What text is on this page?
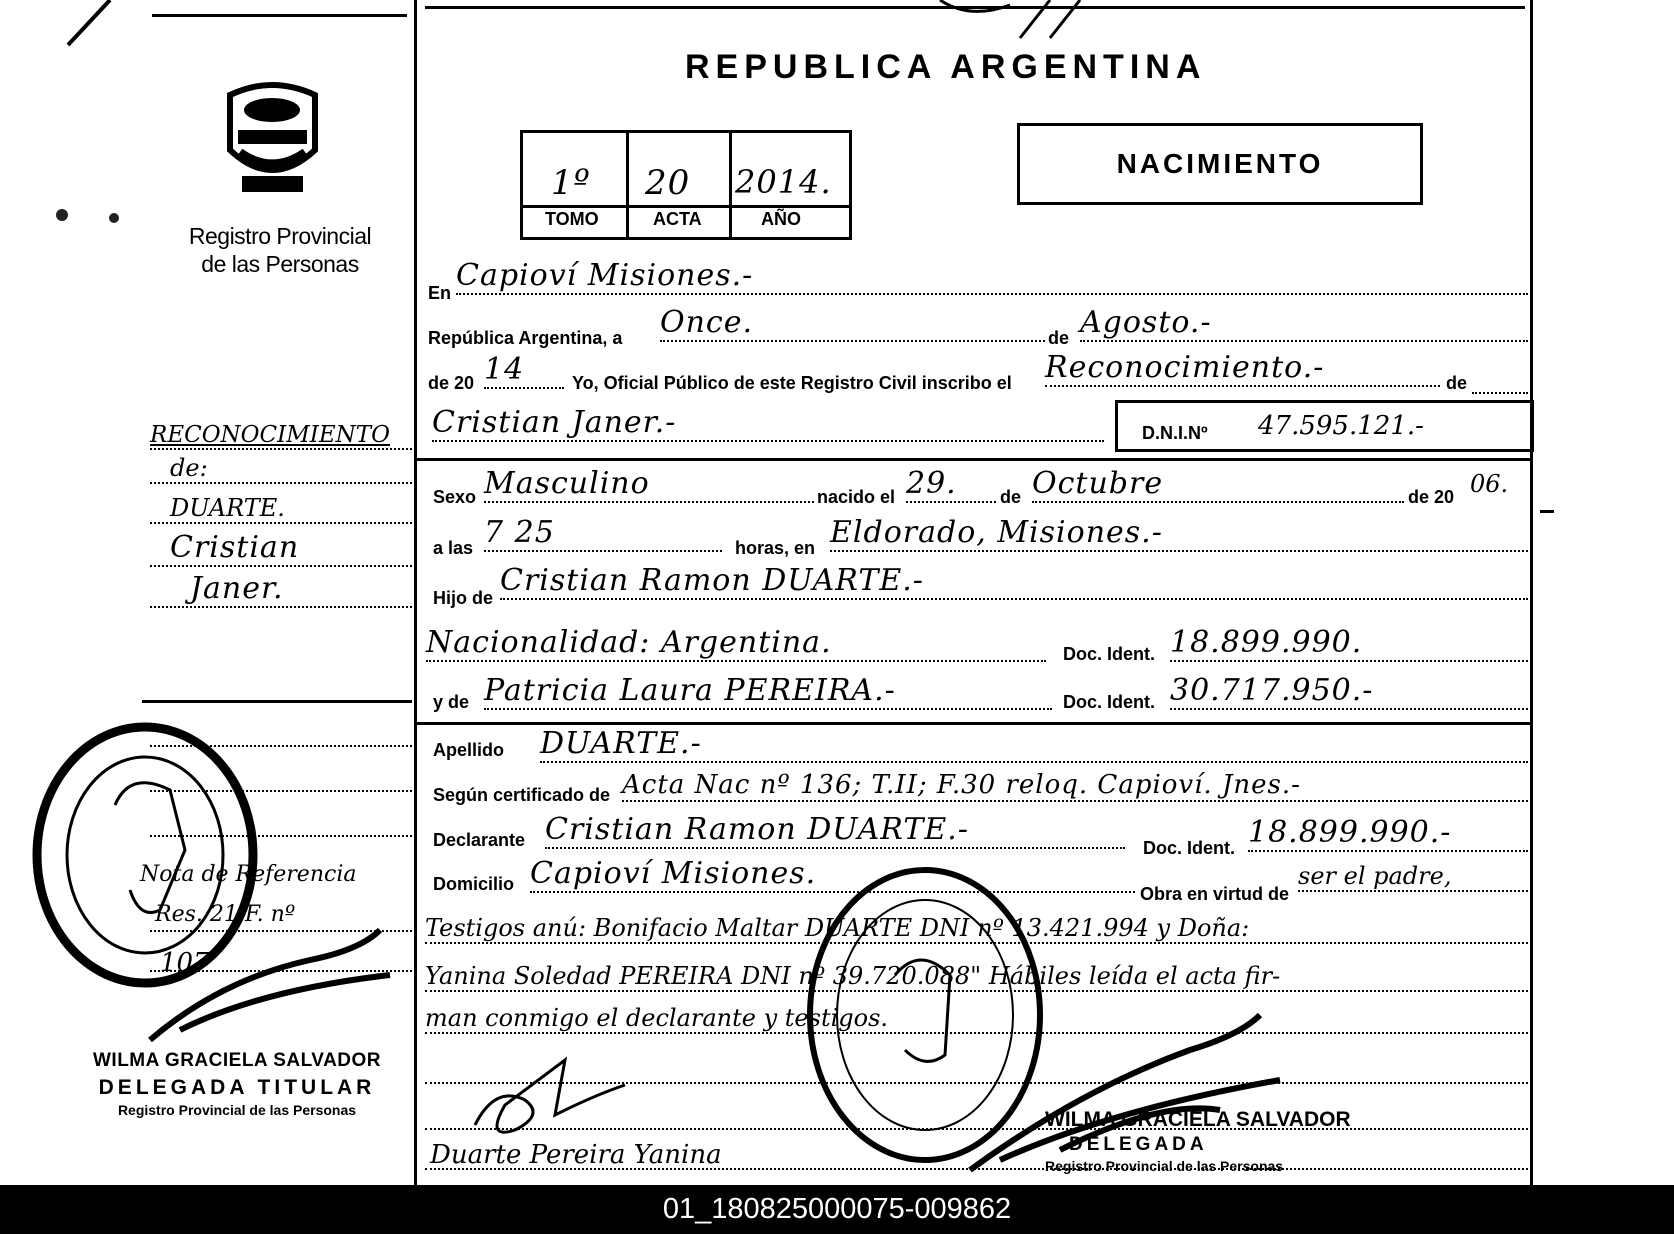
Registro Provincial
de las Personas
REPUBLICA ARGENTINA
1º 20 2014.
TOMO	ACTA	AÑO
NACIMIENTO
En Capioví Misiones.-
República Argentina, a Once.	de Agosto.-
de 20 14	Yo, Oficial Público de este Registro Civil inscribo el Reconocimiento.-	de
Cristian Janer.-	D.N.I.Nº 47.595.121.-
Sexo Masculino	nacido el 29.	de Octubre	de 20 06.
a las 7 25	horas, en Eldorado, Misiones.-
Hijo de Cristian Ramon DUARTE.-
Nacionalidad: Argentina.	Doc. Ident. 18.899.990.
y de Patricia Laura PEREIRA.-	Doc. Ident. 30.717.950.-
Apellido DUARTE.-
Según certificado de Acta Nac nº 136; T.II; F.30 reloq. Capioví. Jnes.-
Declarante Cristian Ramon DUARTE.-
Doc. Ident. 18.899.990.-
Domicilio Capioví Misiones.
Obra en virtud de
ser el padre,
Testigos anú: Bonifacio Maltar DUARTE DNI nº 13.421.994 y Doña:
Yanina Soledad PEREIRA DNI nº 39.720.088" Hábiles leída el acta fir-
man conmigo el declarante y testigos.
Duarte Pereira Yanina
RECONOCIMIENTO
de:
DUARTE.
Cristian
Janer.
Nota de Referencia
Res. 21 F. nº
107
WILMA GRACIELA SALVADOR
DELEGADA TITULAR
Registro Provincial de las Personas	WILMA GRACIELA SALVADOR
DELEGADA
Registro Provincial de las Personas
01_180825000075-009862
